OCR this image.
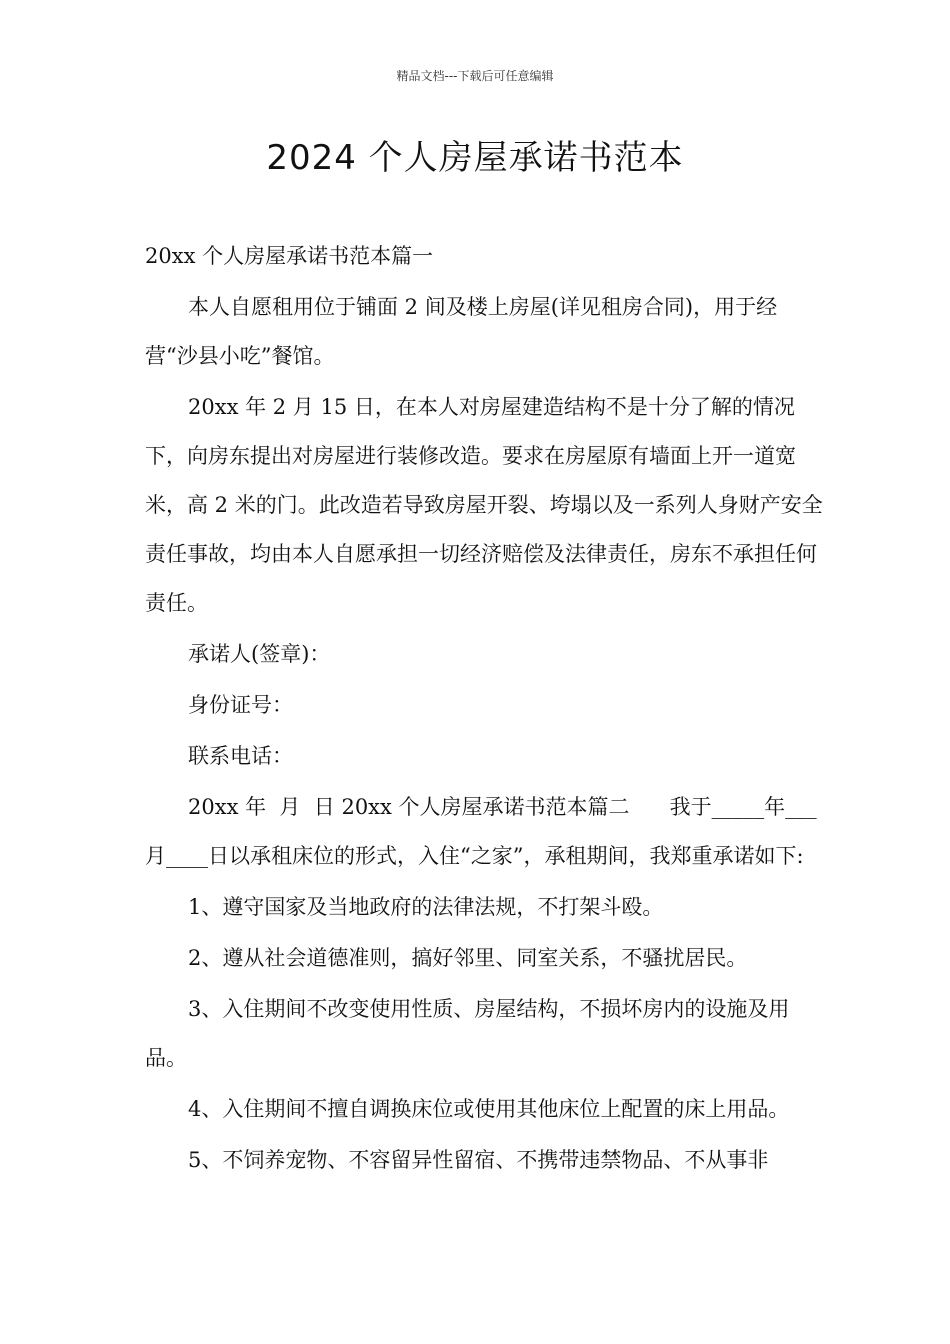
精品文档---下载后可任意编辑
2024 个人房屋承诺书范本

20xx 个人房屋承诺书范本篇一

本人自愿租用位于铺面 2 间及楼上房屋(详见租房合同)，用于经营“沙县小吃”餐馆。

20xx 年 2 月 15 日，在本人对房屋建造结构不是十分了解的情况下，向房东提出对房屋进行装修改造。要求在房屋原有墙面上开一道宽米，高 2 米的门。此改造若导致房屋开裂、垮塌以及一系列人身财产安全责任事故，均由本人自愿承担一切经济赔偿及法律责任，房东不承担任何责任。

承诺人(签章)：

身份证号：

联系电话：

20xx 年  月  日 20xx 个人房屋承诺书范本篇二      我于_____年___月____日以承租床位的形式，入住“之家”，承租期间，我郑重承诺如下:

1、遵守国家及当地政府的法律法规，不打架斗殴。

2、遵从社会道德准则，搞好邻里、同室关系，不骚扰居民。

3、入住期间不改变使用性质、房屋结构，不损坏房内的设施及用品。

4、入住期间不擅自调换床位或使用其他床位上配置的床上用品。

5、不饲养宠物、不容留异性留宿、不携带违禁物品、不从事非
